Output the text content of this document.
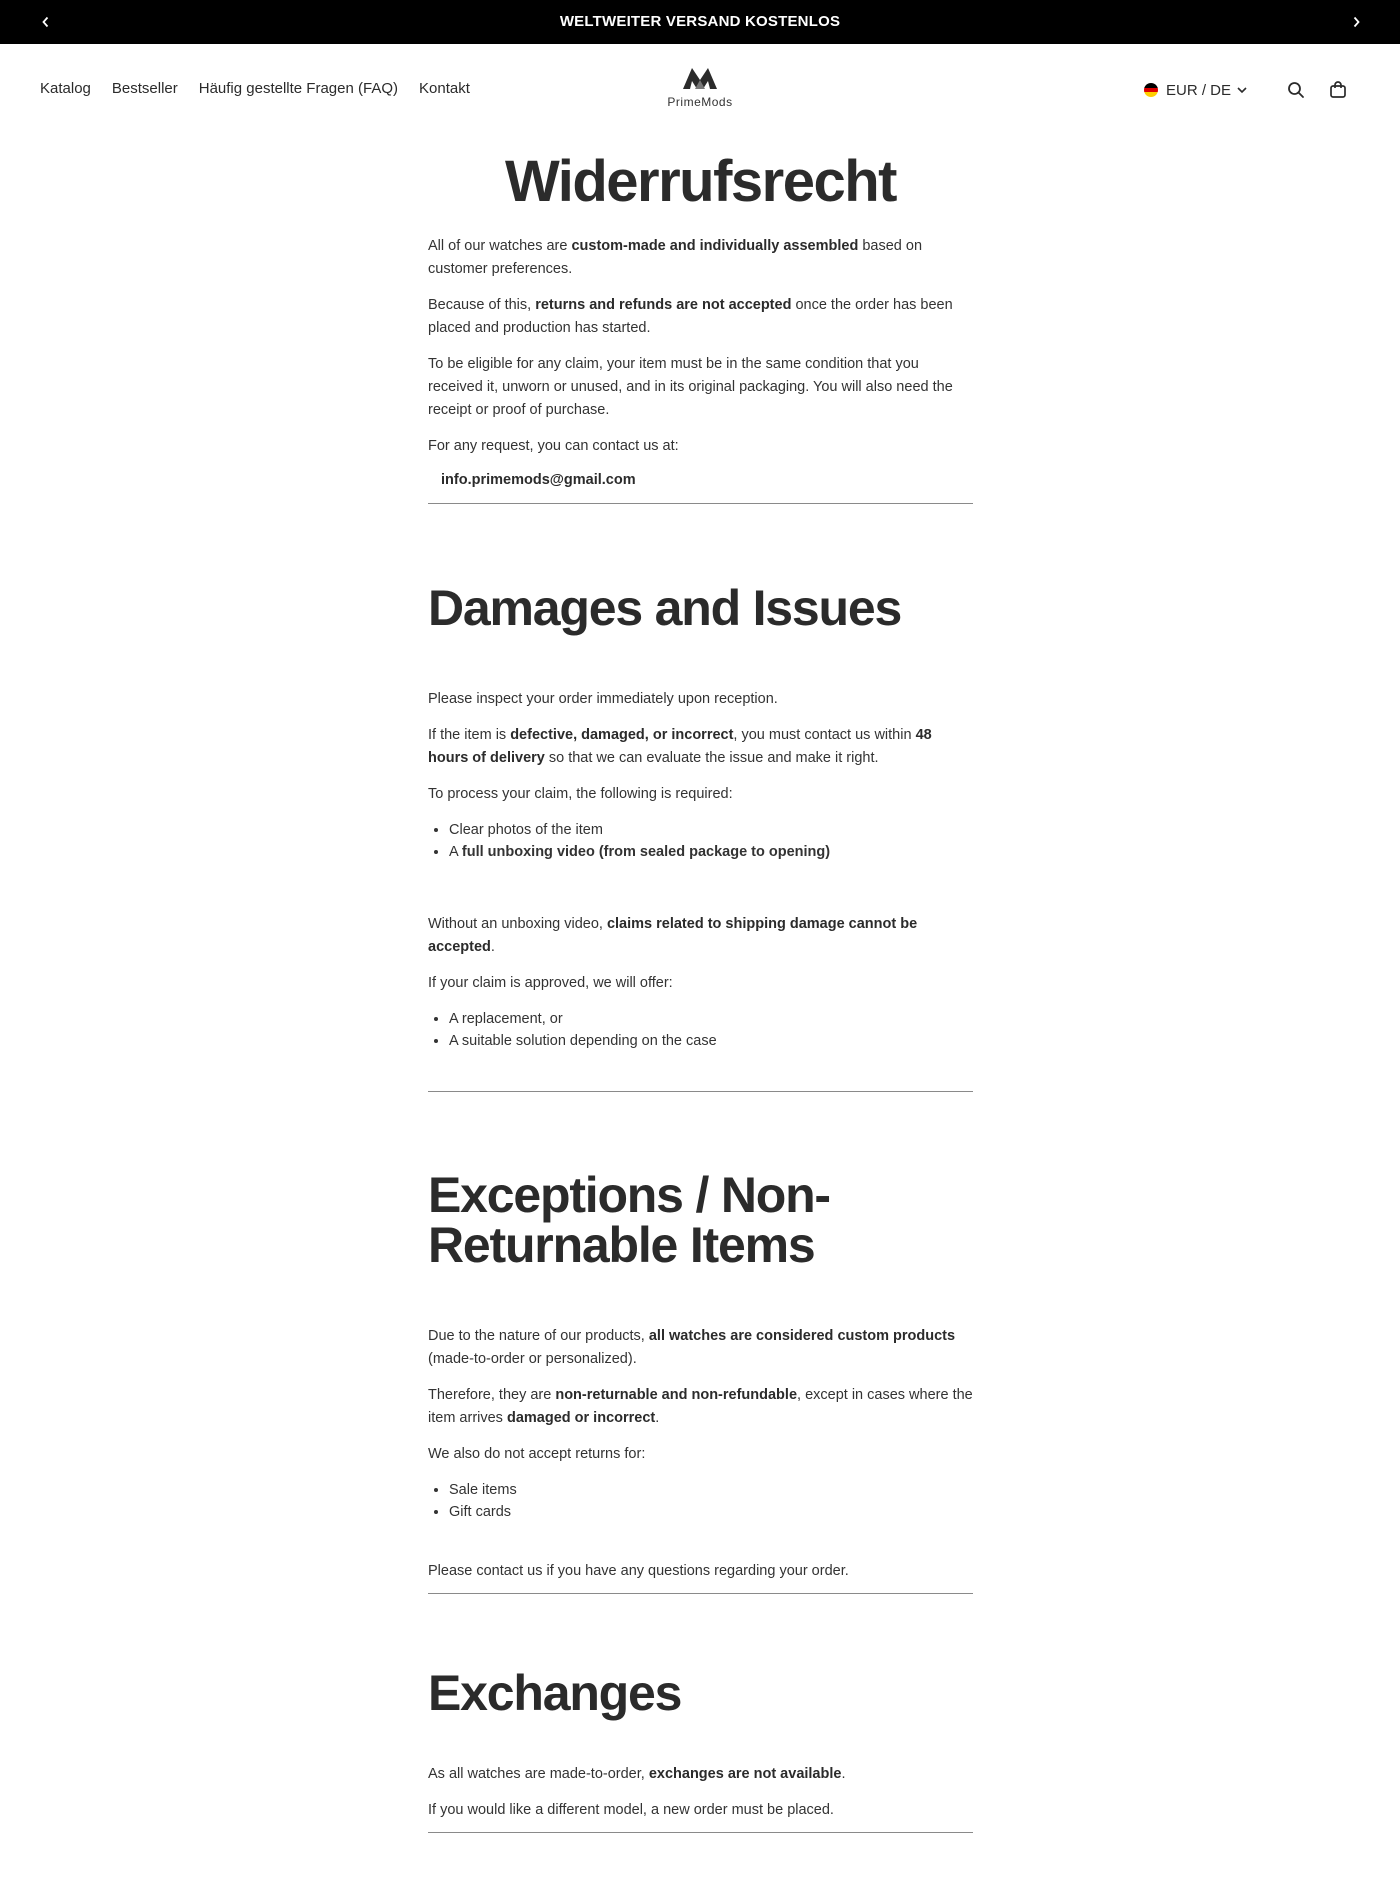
WELTWEITER VERSAND KOSTENLOS
Katalog Bestseller Häufig gestellte Fragen (FAQ) Kontakt
PrimeMods
EUR / DE
Widerrufsrecht

All of our watches are custom-made and individually assembled based on customer preferences.

Because of this, returns and refunds are not accepted once the order has been placed and production has started.

To be eligible for any claim, your item must be in the same condition that you received it, unworn or unused, and in its original packaging. You will also need the receipt or proof of purchase.

For any request, you can contact us at:

info.primemods@gmail.com
Damages and Issues

Please inspect your order immediately upon reception.

If the item is defective, damaged, or incorrect, you must contact us within 48 hours of delivery so that we can evaluate the issue and make it right.

To process your claim, the following is required:

• Clear photos of the item
• A full unboxing video (from sealed package to opening)

Without an unboxing video, claims related to shipping damage cannot be accepted.

If your claim is approved, we will offer:

• A replacement, or
• A suitable solution depending on the case
Exceptions / Non-Returnable Items

Due to the nature of our products, all watches are considered custom products (made-to-order or personalized).

Therefore, they are non-returnable and non-refundable, except in cases where the item arrives damaged or incorrect.

We also do not accept returns for:

• Sale items
• Gift cards

Please contact us if you have any questions regarding your order.

Exchanges

As all watches are made-to-order, exchanges are not available.

If you would like a different model, a new order must be placed.
